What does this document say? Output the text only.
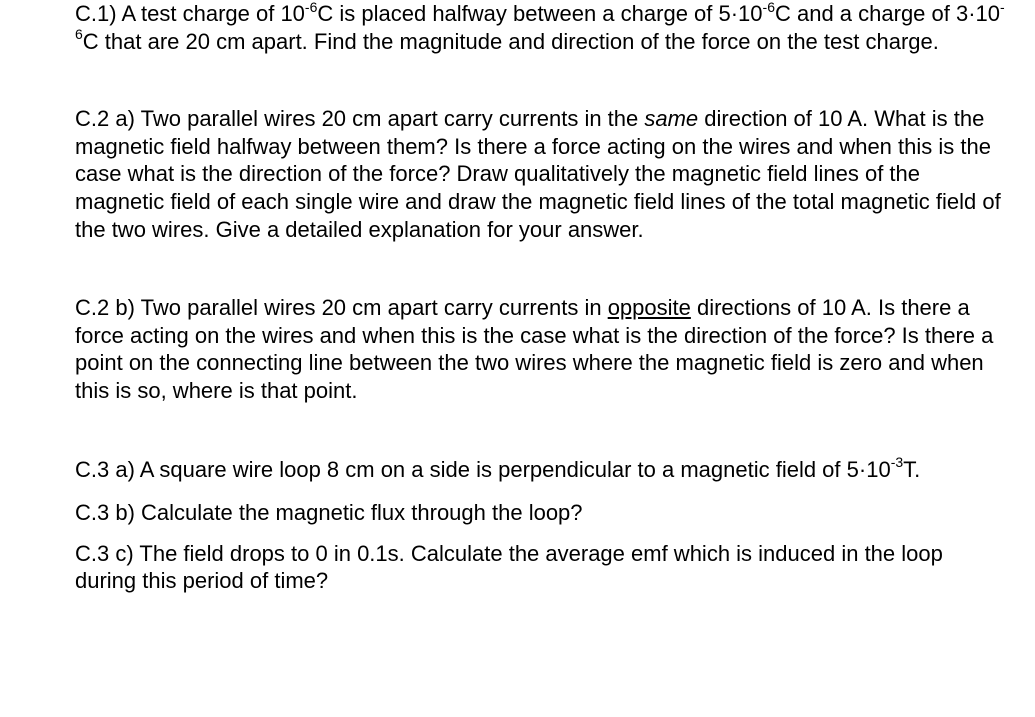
C.1) A test charge of $10^{-6}C$ is placed halfway between a charge of $5\cdot 10^{-6}C$ and a charge of $3\cdot 10^{-6}C$ that are 20 cm apart. Find the magnitude and direction of the force on the test charge.

C.2 a) Two parallel wires 20 cm apart carry currents in the same direction of 10 A. What is the magnetic field halfway between them? Is there a force acting on the wires and when this is the case what is the direction of the force? Draw qualitatively the magnetic field lines of the magnetic field of each single wire and draw the magnetic field lines of the total magnetic field of the two wires. Give a detailed explanation for your answer.

C.2 b) Two parallel wires 20 cm apart carry currents in opposite directions of 10 A. Is there a force acting on the wires and when this is the case what is the direction of the force? Is there a point on the connecting line between the two wires where the magnetic field is zero and when this is so, where is that point.

C.3 a) A square wire loop 8 cm on a side is perpendicular to a magnetic field of $5\cdot 10^{-3}T$.

C.3 b) Calculate the magnetic flux through the loop?

C.3 c) The field drops to 0 in 0.1s. Calculate the average emf which is induced in the loop during this period of time?
